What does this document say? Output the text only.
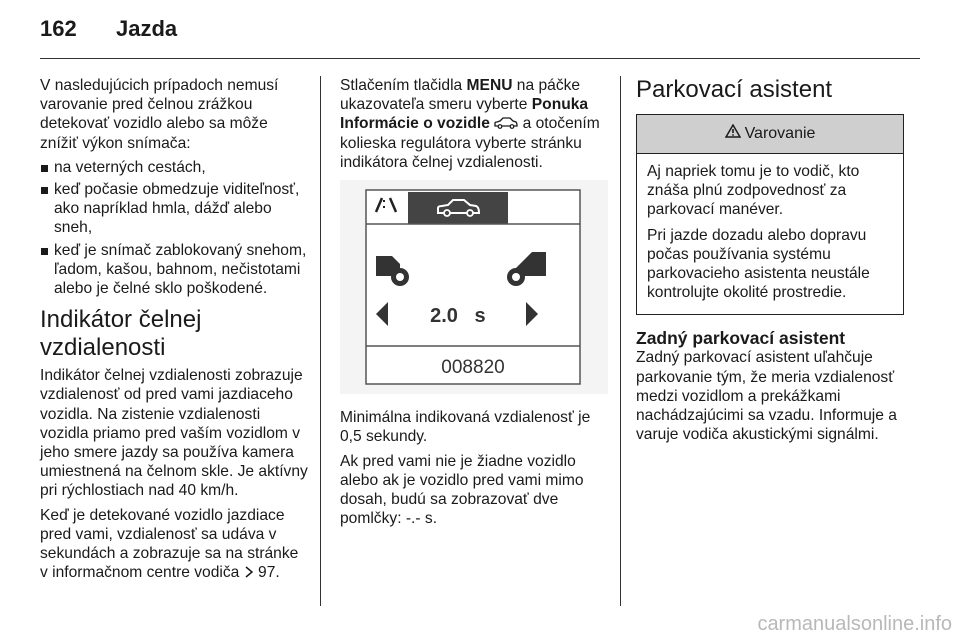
162 Jazda

V nasledujúcich prípadoch nemusí varovanie pred čelnou zrážkou detekovať vozidlo alebo sa môže znížiť výkon snímača:

na veterných cestách,
keď počasie obmedzuje viditeľnosť, ako napríklad hmla, dážď alebo sneh,
keď je snímač zablokovaný snehom, ľadom, kašou, bahnom, nečistotami alebo je čelné sklo poškodené.
Indikátor čelnej vzdialenosti

Indikátor čelnej vzdialenosti zobrazuje vzdialenosť od pred vami jazdiaceho vozidla. Na zistenie vzdialenosti vozidla priamo pred vaším vozidlom v jeho smere jazdy sa používa kamera umiestnená na čelnom skle. Je aktívny pri rýchlostiach nad 40 km/h.

Keď je detekované vozidlo jazdiace pred vami, vzdialenosť sa udáva v sekundách a zobrazuje sa na stránke v informačnom centre vodiča 97.

Stlačením tlačidla MENU na páčke ukazovateľa smeru vyberte Ponuka Informácie o vozidle  a otočením kolieska regulátora vyberte stránku indikátora čelnej vzdialenosti.

2.0 s
008820

Minimálna indikovaná vzdialenosť je 0,5 sekundy.

Ak pred vami nie je žiadne vozidlo alebo ak je vozidlo pred vami mimo dosah, budú sa zobrazovať dve pomlčky: -.- s.

Parkovací asistent
Varovanie

Aj napriek tomu je to vodič, kto znáša plnú zodpovednosť za parkovací manéver.

Pri jazde dozadu alebo dopravu počas používania systému parkovacieho asistenta neustále kontrolujte okolité prostredie.

Zadný parkovací asistent

Zadný parkovací asistent uľahčuje parkovanie tým, že meria vzdialenosť medzi vozidlom a prekážkami nachádzajúcimi sa vzadu. Informuje a varuje vodiča akustickými signálmi.

carmanualsonline.info
